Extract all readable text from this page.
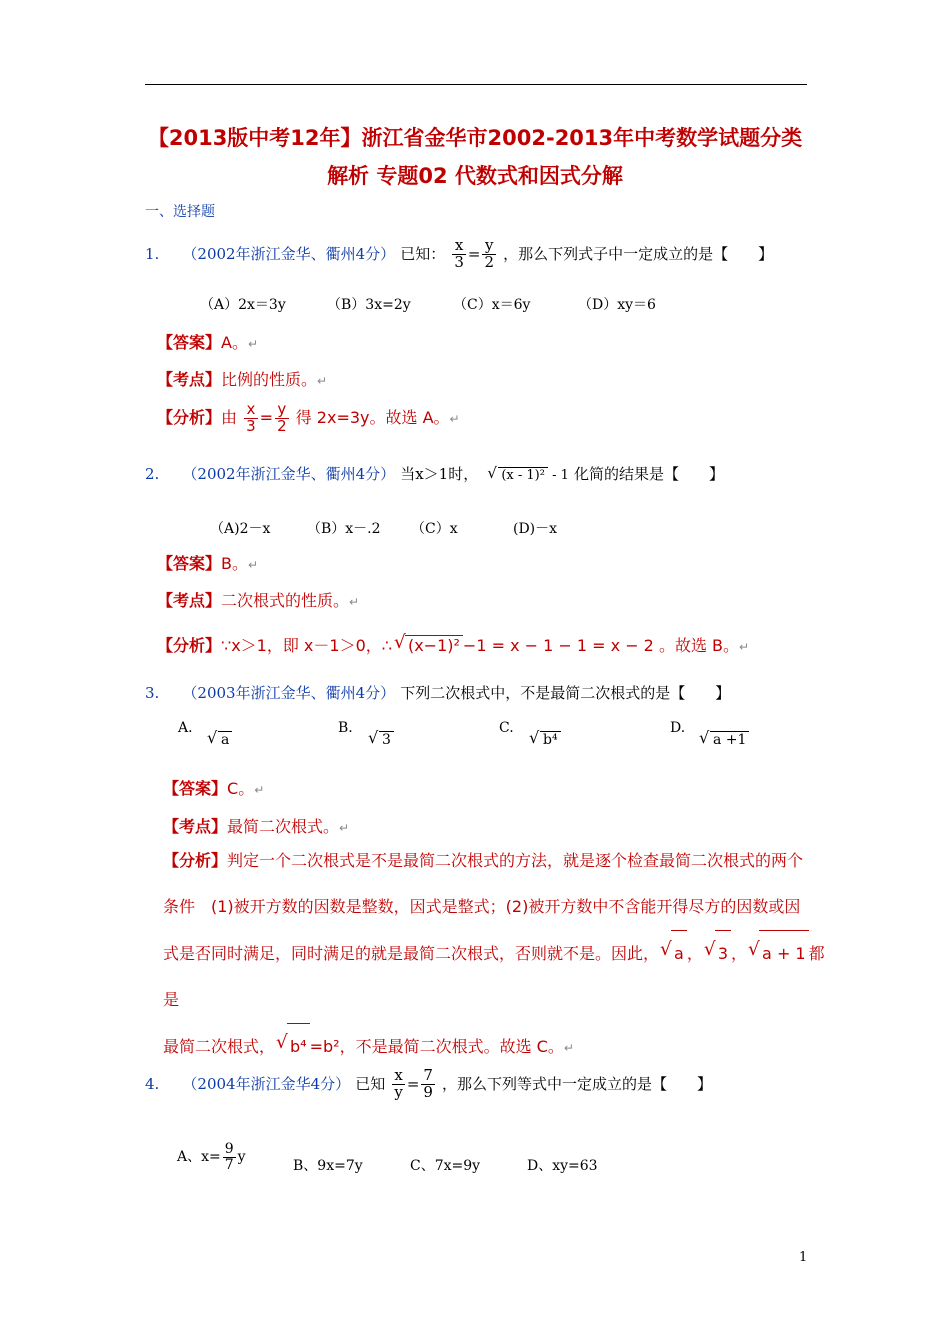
【2013版中考12年】浙江省金华市2002-2013年中考数学试题分类
解析 专题02 代数式和因式分解
一、选择题
1. （2002年浙江金华、衢州4分） 已知： $\frac{x}{3} = \frac{y}{2}$ ，那么下列式子中一定成立的是【　　】
（A）2x＝3y	（B）3x=2y	（C）x＝6y	（D）xy＝6
【答案】A。↵
【考点】比例的性质。↵
【分析】由 $\frac{x}{3} = \frac{y}{2}$ 得 2x=3y。故选 A。↵
2. （2002年浙江金华、衢州4分） 当x＞1时， √ (x - 1)² - 1 化简的结果是【　　】
（A)2－x	（B）x－.2 （C）x	(D)－x
【答案】B。↵
【考点】二次根式的性质。↵
【分析】∵x＞1，即 x－1＞0，∴ √ (x−1)² −1 = x − 1 − 1 = x − 2 。故选 B。↵
3. （2003年浙江金华、衢州4分） 下列二次根式中，不是最简二次根式的是【　　】
A.
√ a
B.
√ 3
C.
√ b⁴
D.
√ a +1
【答案】C。↵
【考点】最简二次根式。↵
【分析】判定一个二次根式是不是最简二次根式的方法，就是逐个检查最简二次根式的两个
条件　(1)被开方数的因数是整数，因式是整式；(2)被开方数中不含能开得尽方的因数或因
式是否同时满足，同时满足的就是最简二次根式，否则就不是。因此， √ a ， √ 3 ， √ a + 1 都是
最简二次根式， √ b⁴ =b²，不是最简二次根式。故选 C。↵
4. （2004年浙江金华4分） 已知 $\frac{x}{y} = \frac{7}{9}$ ，那么下列等式中一定成立的是【　　】
A、$x= \frac{9}{7}$ y
B、9x=7y	C、7x=9y	D、xy=63
1
